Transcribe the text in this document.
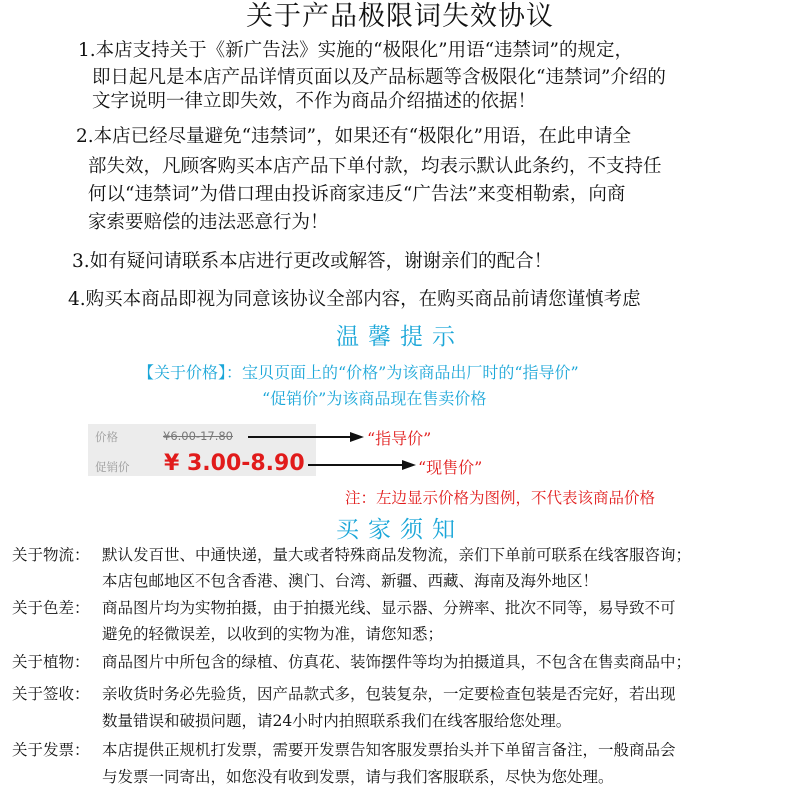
关于产品极限词失效协议
1.本店支持关于《新广告法》实施的“极限化”用语“违禁词”的规定，
即日起凡是本店产品详情页面以及产品标题等含极限化“违禁词”介绍的
文字说明一律立即失效，不作为商品介绍描述的依据！
2.本店已经尽量避免“违禁词”，如果还有“极限化”用语，在此申请全
部失效，凡顾客购买本店产品下单付款，均表示默认此条约，不支持任
何以“违禁词”为借口理由投诉商家违反“广告法”来变相勒索，向商
家索要赔偿的违法恶意行为！
3.如有疑问请联系本店进行更改或解答，谢谢亲们的配合！
4.购买本商品即视为同意该协议全部内容，在购买商品前请您谨慎考虑
温馨提示
【关于价格】：宝贝页面上的“价格”为该商品出厂时的“指导价”
“促销价”为该商品现在售卖价格
价格	¥6.00-17.80
促销价 ¥ 3.00-8.90
“指导价”
“现售价”
注：左边显示价格为图例，不代表该商品价格
买家须知
关于物流： 默认发百世、中通快递，量大或者特殊商品发物流，亲们下单前可联系在线客服咨询；
本店包邮地区不包含香港、澳门、台湾、新疆、西藏、海南及海外地区！
关于色差： 商品图片均为实物拍摄，由于拍摄光线、显示器、分辨率、批次不同等，易导致不可
避免的轻微误差，以收到的实物为准，请您知悉；
关于植物： 商品图片中所包含的绿植、仿真花、装饰摆件等均为拍摄道具，不包含在售卖商品中；
关于签收： 亲收货时务必先验货，因产品款式多，包装复杂，一定要检查包装是否完好，若出现
数量错误和破损问题，请24小时内拍照联系我们在线客服给您处理。
关于发票： 本店提供正规机打发票，需要开发票告知客服发票抬头并下单留言备注，一般商品会
与发票一同寄出，如您没有收到发票，请与我们客服联系，尽快为您处理。
